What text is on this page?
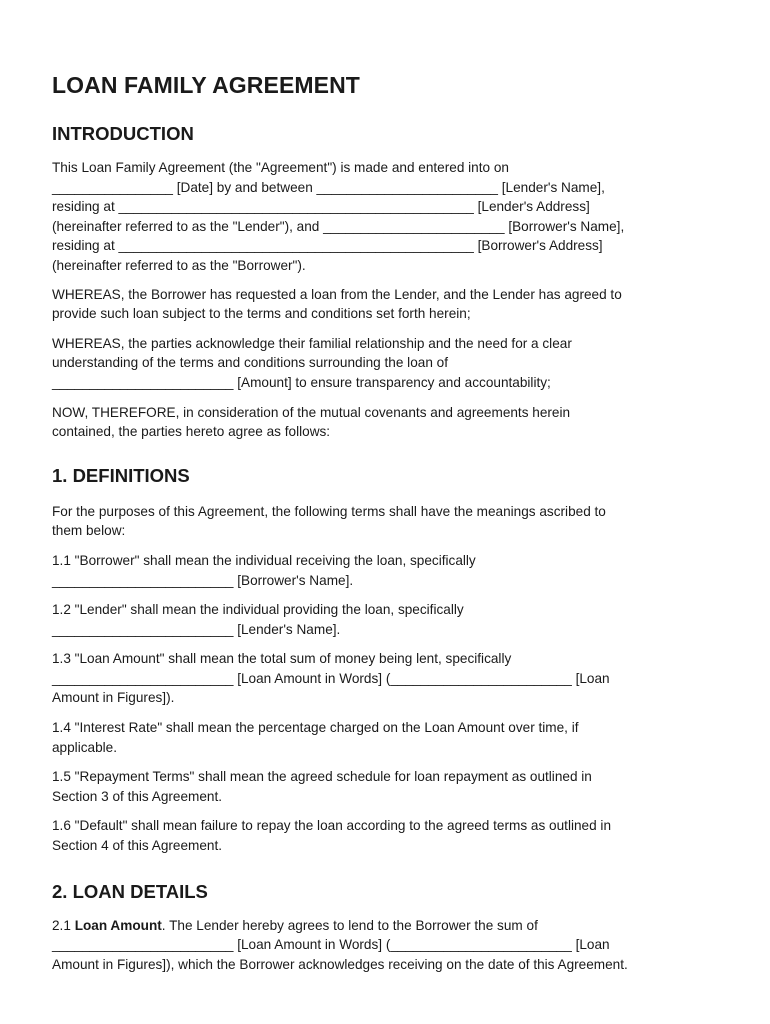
LOAN FAMILY AGREEMENT
INTRODUCTION

This Loan Family Agreement (the "Agreement") is made and entered into on
________________ [Date] by and between ________________________ [Lender's Name],
residing at _______________________________________________ [Lender's Address]
(hereinafter referred to as the "Lender"), and ________________________ [Borrower's Name],
residing at _______________________________________________ [Borrower's Address]
(hereinafter referred to as the "Borrower").

WHEREAS, the Borrower has requested a loan from the Lender, and the Lender has agreed to
provide such loan subject to the terms and conditions set forth herein;

WHEREAS, the parties acknowledge their familial relationship and the need for a clear
understanding of the terms and conditions surrounding the loan of
________________________ [Amount] to ensure transparency and accountability;

NOW, THEREFORE, in consideration of the mutual covenants and agreements herein
contained, the parties hereto agree as follows:

1. DEFINITIONS

For the purposes of this Agreement, the following terms shall have the meanings ascribed to
them below:

1.1 "Borrower" shall mean the individual receiving the loan, specifically
________________________ [Borrower's Name].

1.2 "Lender" shall mean the individual providing the loan, specifically
________________________ [Lender's Name].

1.3 "Loan Amount" shall mean the total sum of money being lent, specifically
________________________ [Loan Amount in Words] (________________________ [Loan
Amount in Figures]).

1.4 "Interest Rate" shall mean the percentage charged on the Loan Amount over time, if
applicable.

1.5 "Repayment Terms" shall mean the agreed schedule for loan repayment as outlined in
Section 3 of this Agreement.

1.6 "Default" shall mean failure to repay the loan according to the agreed terms as outlined in
Section 4 of this Agreement.

2. LOAN DETAILS

2.1 Loan Amount. The Lender hereby agrees to lend to the Borrower the sum of
________________________ [Loan Amount in Words] (________________________ [Loan
Amount in Figures]), which the Borrower acknowledges receiving on the date of this Agreement.
